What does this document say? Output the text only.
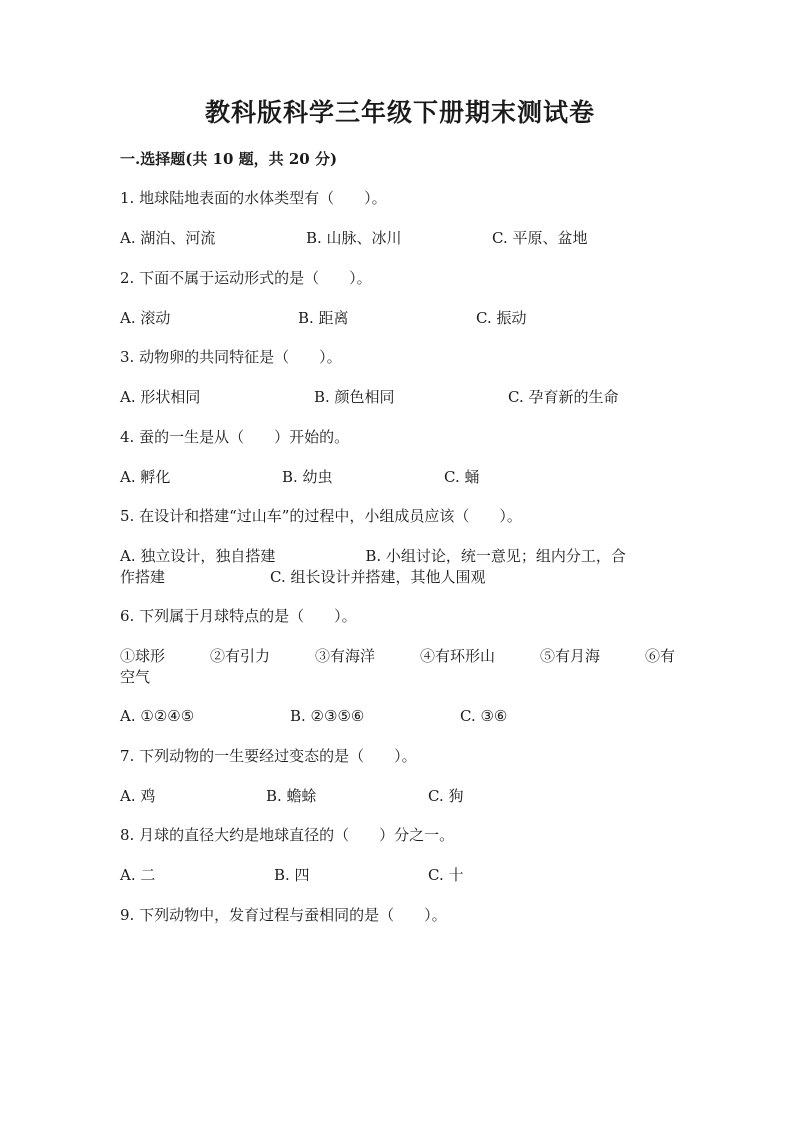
教科版科学三年级下册期末测试卷
一.选择题(共 10 题，共 20 分)
1. 地球陆地表面的水体类型有（　　）。
A. 湖泊、河流	B. 山脉、冰川	C. 平原、盆地
2. 下面不属于运动形式的是（　　）。
A. 滚动	B. 距离	C. 振动
3. 动物卵的共同特征是（　　）。
A. 形状相同	B. 颜色相同	C. 孕育新的生命
4. 蚕的一生是从（　　）开始的。
A. 孵化	B. 幼虫	C. 蛹
5. 在设计和搭建“过山车”的过程中，小组成员应该（　　）。
A. 独立设计，独自搭建　　　　　　B. 小组讨论，统一意见；组内分工，合
作搭建　　　　　　　C. 组长设计并搭建，其他人围观
6. 下列属于月球特点的是（　　）。
①球形　　　②有引力　　　③有海洋　　　④有环形山　　　⑤有月海　　　⑥有
空气
A. ①②④⑤	B. ②③⑤⑥	C. ③⑥
7. 下列动物的一生要经过变态的是（　　）。
A. 鸡	B. 蟾蜍	C. 狗
8. 月球的直径大约是地球直径的（　　）分之一。
A. 二	B. 四	C. 十
9. 下列动物中，发育过程与蚕相同的是（　　）。
